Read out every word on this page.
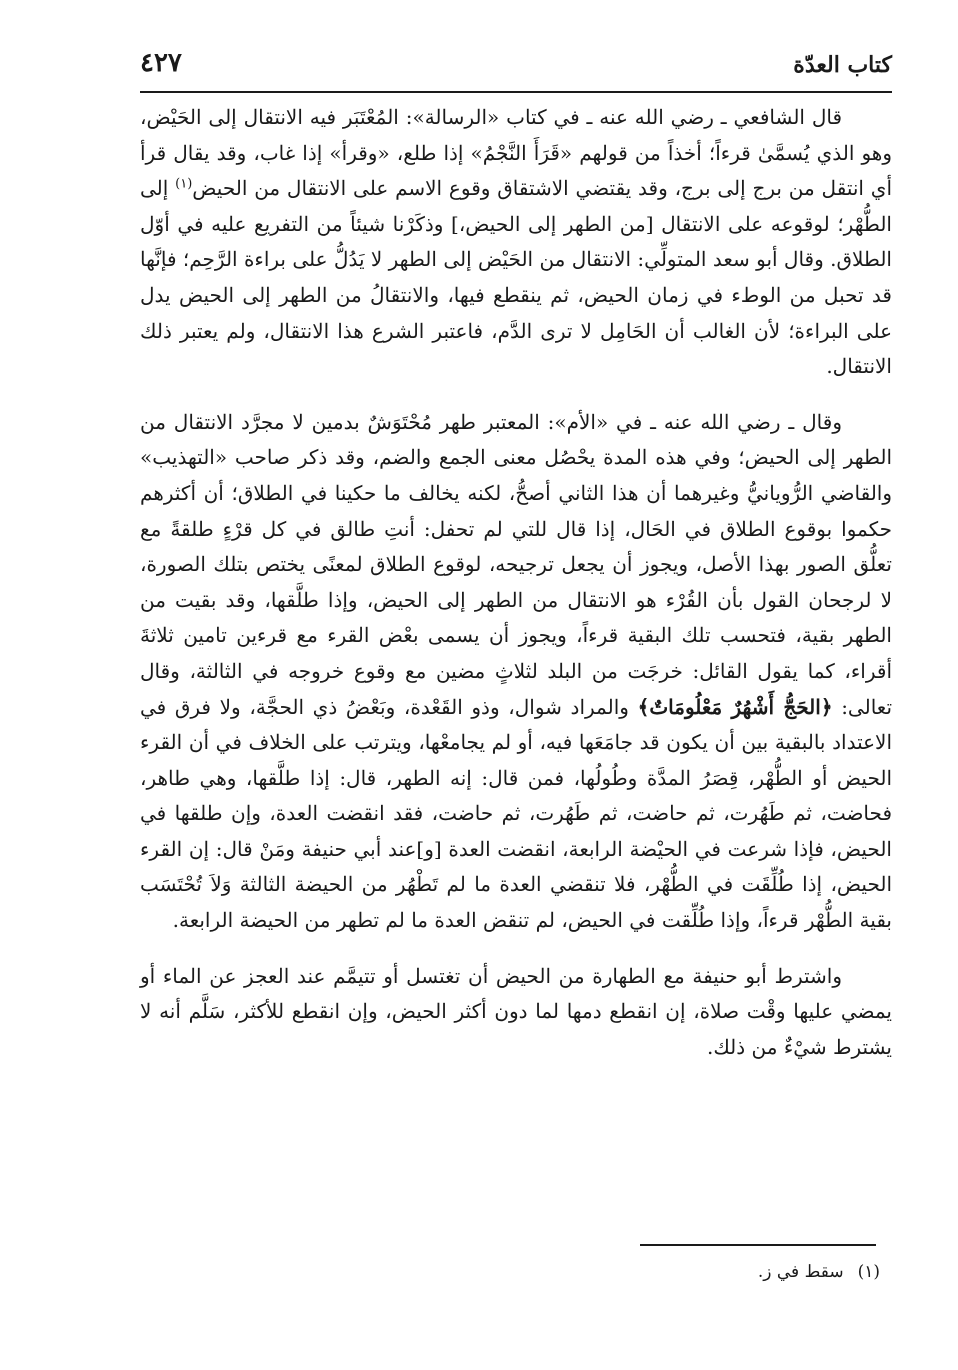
كتاب العدّة
٤٢٧

قال الشافعي ـ رضي الله عنه ـ في كتاب «الرسالة»: المُعْتَبَر فيه الانتقال إلى الحَيْض، وهو الذي يُسمَّىٰ قرءاً؛ أخذاً من قولهم «قَرَأَ النَّجْمُ» إذا طلع، «وقرأ» إذا غاب، وقد يقال قرأ أي انتقل من برج إلى برج، وقد يقتضي الاشتقاق وقوع الاسم على الانتقال من الحيض$^{(١)}$ إلى الطُّهْر؛ لوقوعه على الانتقال [من الطهر إلى الحيض،] وذكَرْنا شيئاً من التفريع عليه في أوّل الطلاق. وقال أبو سعد المتولِّي: الانتقال من الحَيْض إلى الطهر لا يَدُلُّ على براءة الرَّحِم؛ فإنَّها قد تحبل من الوطء في زمان الحيض، ثم ينقطع فيها، والانتقالُ من الطهر إلى الحيض يدل على البراءة؛ لأن الغالب أن الحَامِل لا ترى الدَّم، فاعتبر الشرع هذا الانتقال، ولم يعتبر ذلك الانتقال.

وقال ـ رضي الله عنه ـ في «الأم»: المعتبر طهر مُحْتَوَشٌ بدمين لا مجرَّد الانتقال من الطهر إلى الحيض؛ وفي هذه المدة يحْصُل معنى الجمع والضم، وقد ذكر صاحب «التهذيب» والقاضي الرُّويانيُّ وغيرهما أن هذا الثاني أصحُّ، لكنه يخالف ما حكينا في الطلاق؛ أن أكثرهم حكموا بوقوع الطلاق في الحَال، إذا قال للتي لم تحفل: أنتِ طالق في كل قرْءٍ طلقةً مع تعلُّق الصور بهذا الأصل، ويجوز أن يجعل ترجيحه، لوقوع الطلاق لمعنًى يختص بتلك الصورة، لا لرجحان القول بأن القُرْء هو الانتقال من الطهر إلى الحيض، وإذا طلَّقها، وقد بقيت من الطهر بقية، فتحسب تلك البقية قرءاً، ويجوز أن يسمى بعْض القرء مع قرءين تامين ثلاثةَ أقراء، كما يقول القائل: خرجَت من البلد لثلاثٍ مضين مع وقوع خروجه في الثالثة، وقال تعالى: ﴿الحَجُّ أَشْهُرٌ مَعْلُومَاتٌ﴾ والمراد شوال، وذو القَعْدة، وبَعْضُ ذي الحجَّة، ولا فرق في الاعتداد بالبقية بين أن يكون قد جامَعَها فيه، أو لم يجامعْها، ويترتب على الخلاف في أن القرء الحيض أو الطُّهْر، قِصَرُ المدَّة وطُولُها، فمن قال: إنه الطهر، قال: إذا طلَّقها، وهي طاهر، فحاضت، ثم طَهُرت، ثم حاضت، ثم طَهُرت، ثم حاضت، فقد انقضت العدة، وإن طلقها في الحيض، فإذا شرعت في الحيْضة الرابعة، انقضت العدة [و]عند أبي حنيفة ومَنْ قال: إن القرء الحيض، إذا طُلِّقَت في الطُّهْر، فلا تنقضي العدة ما لم تَطْهُر من الحيضة الثالثة وَلاَ تُحْتَسَب بقية الطُّهْر قرءاً، وإذا طُلِّقت في الحيض، لم تنقض العدة ما لم تطهر من الحيضة الرابعة.

واشترط أبو حنيفة مع الطهارة من الحيض أن تغتسل أو تتيمَّم عند العجز عن الماء أو يمضي عليها وقْت صلاة، إن انقطع دمها لما دون أكثر الحيض، وإن انقطع للأكثر، سَلَّم أنه لا يشترط شيْءٌ من ذلك.

(١)سقط في ز.
